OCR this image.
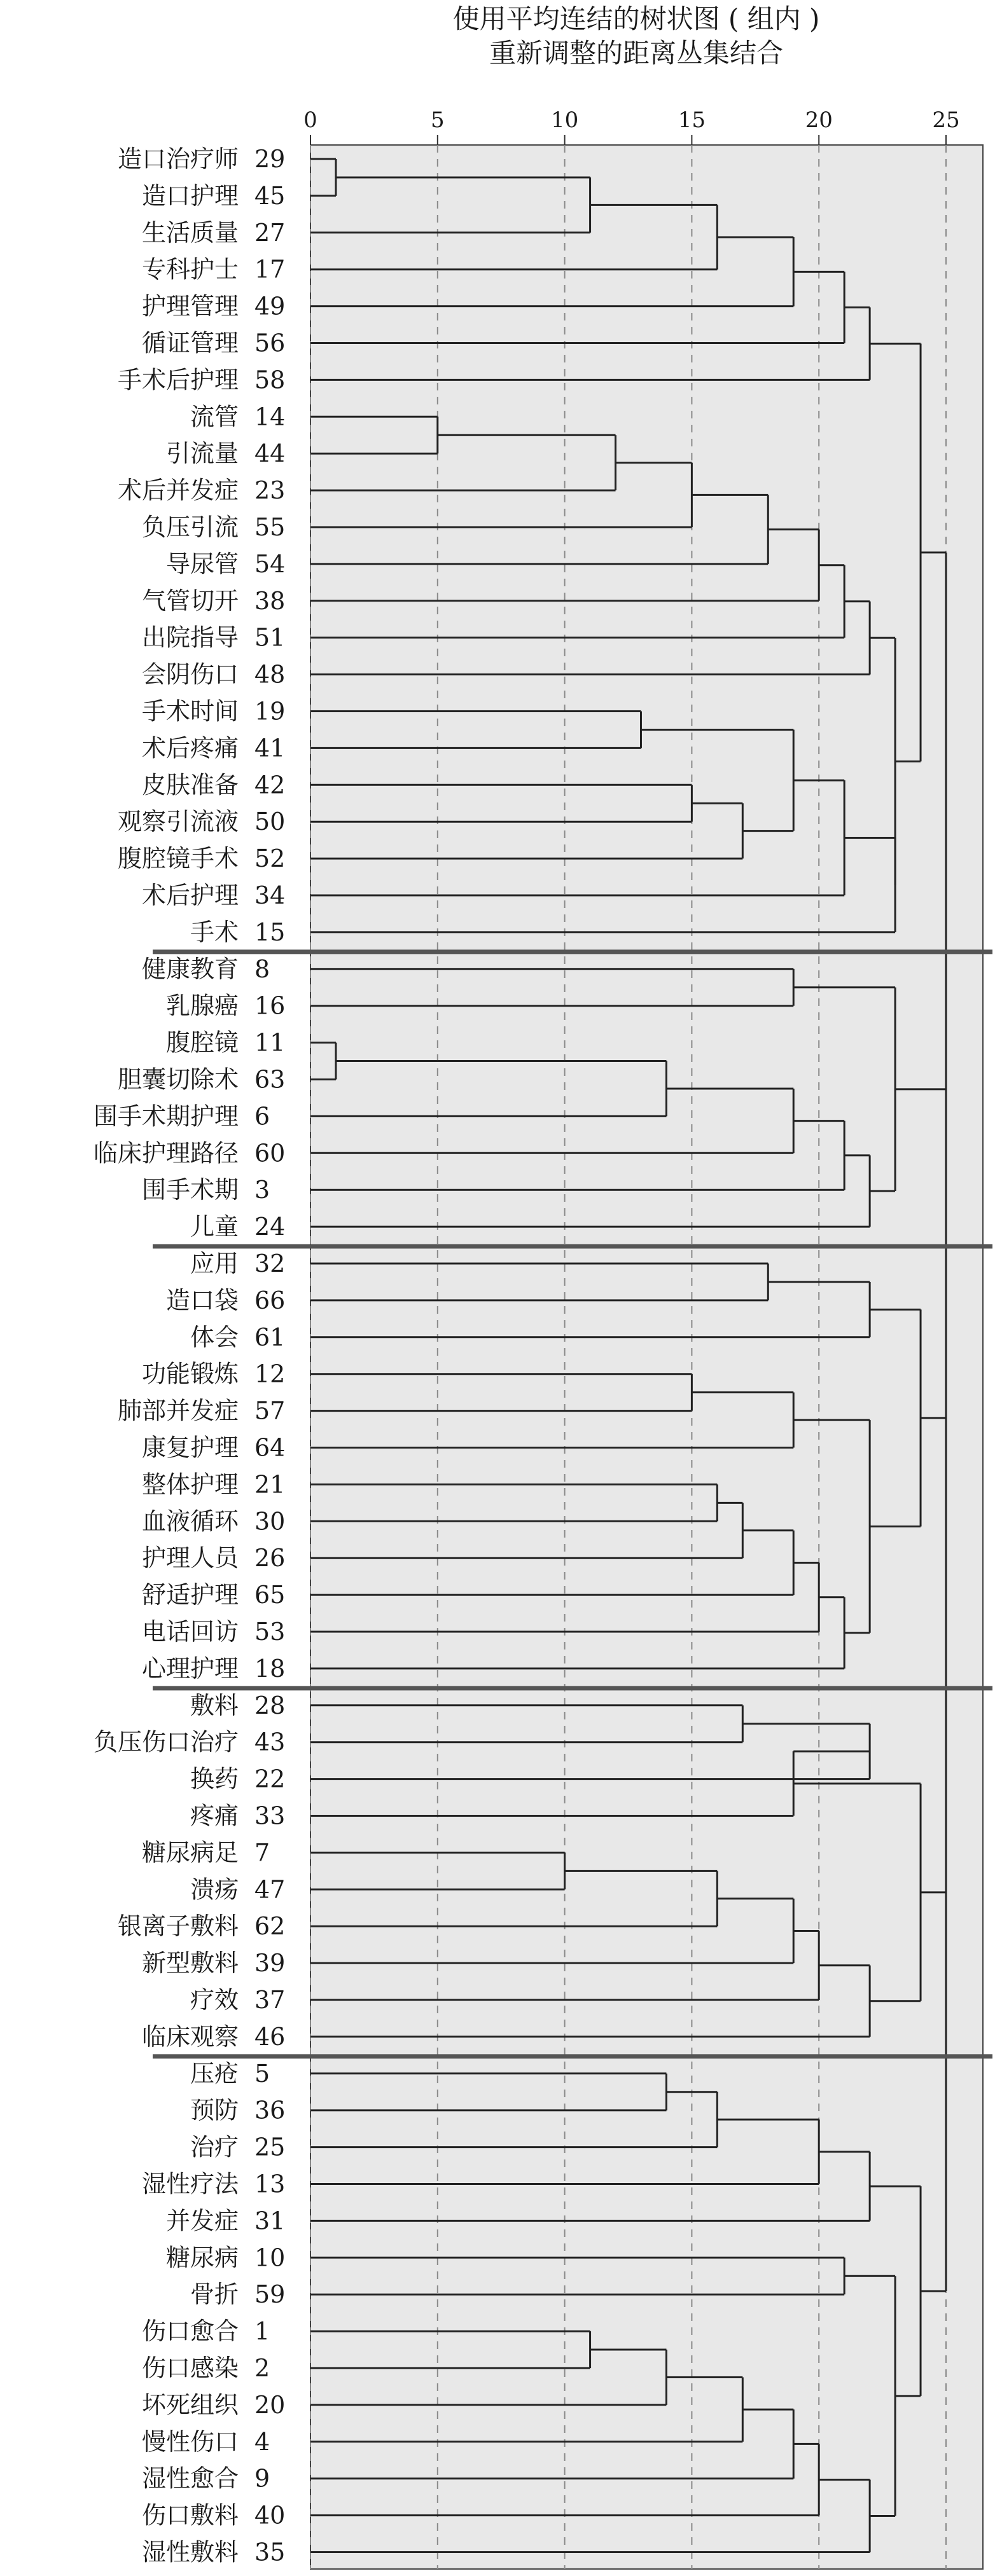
造口治疗师 29
造口护理 45
生活质量 27
专科护士 17
护理管理 49
循证管理 56
手术后护理 58
流管 14
引流量 44
术后并发症 23
负压引流 55
导尿管 54
气管切开 38
出院指导 51
会阴伤口 48
手术时间 19
术后疼痛 41
皮肤准备 42
观察引流液 50
腹腔镜手术 52
术后护理 34
手术 15
健康教育 8
乳腺癌 16
腹腔镜 11
胆囊切除术 63
围手术期护理 6
临床护理路径 60
围手术期 3
儿童 24
应用 32
造口袋 66
体会 61
功能锻炼 12
肺部并发症 57
康复护理 64
整体护理 21
血液循环 30
护理人员 26
舒适护理 65
电话回访 53
心理护理 18
敷料 28
负压伤口治疗 43
换药 22
疼痛 33
糖尿病足 7
溃疡 47
银离子敷料 62
新型敷料 39
疗效 37
临床观察 46
压疮 5
预防 36
治疗 25
湿性疗法 13
并发症 31
糖尿病 10
骨折 59
伤口愈合 1
伤口感染 2
坏死组织 20
慢性伤口 4
湿性愈合 9
伤口敷料 40
湿性敷料 35
0	5	10	15	20	25
使用平均连结的树状图 ( 组内 )
重新调整的距离丛集结合
